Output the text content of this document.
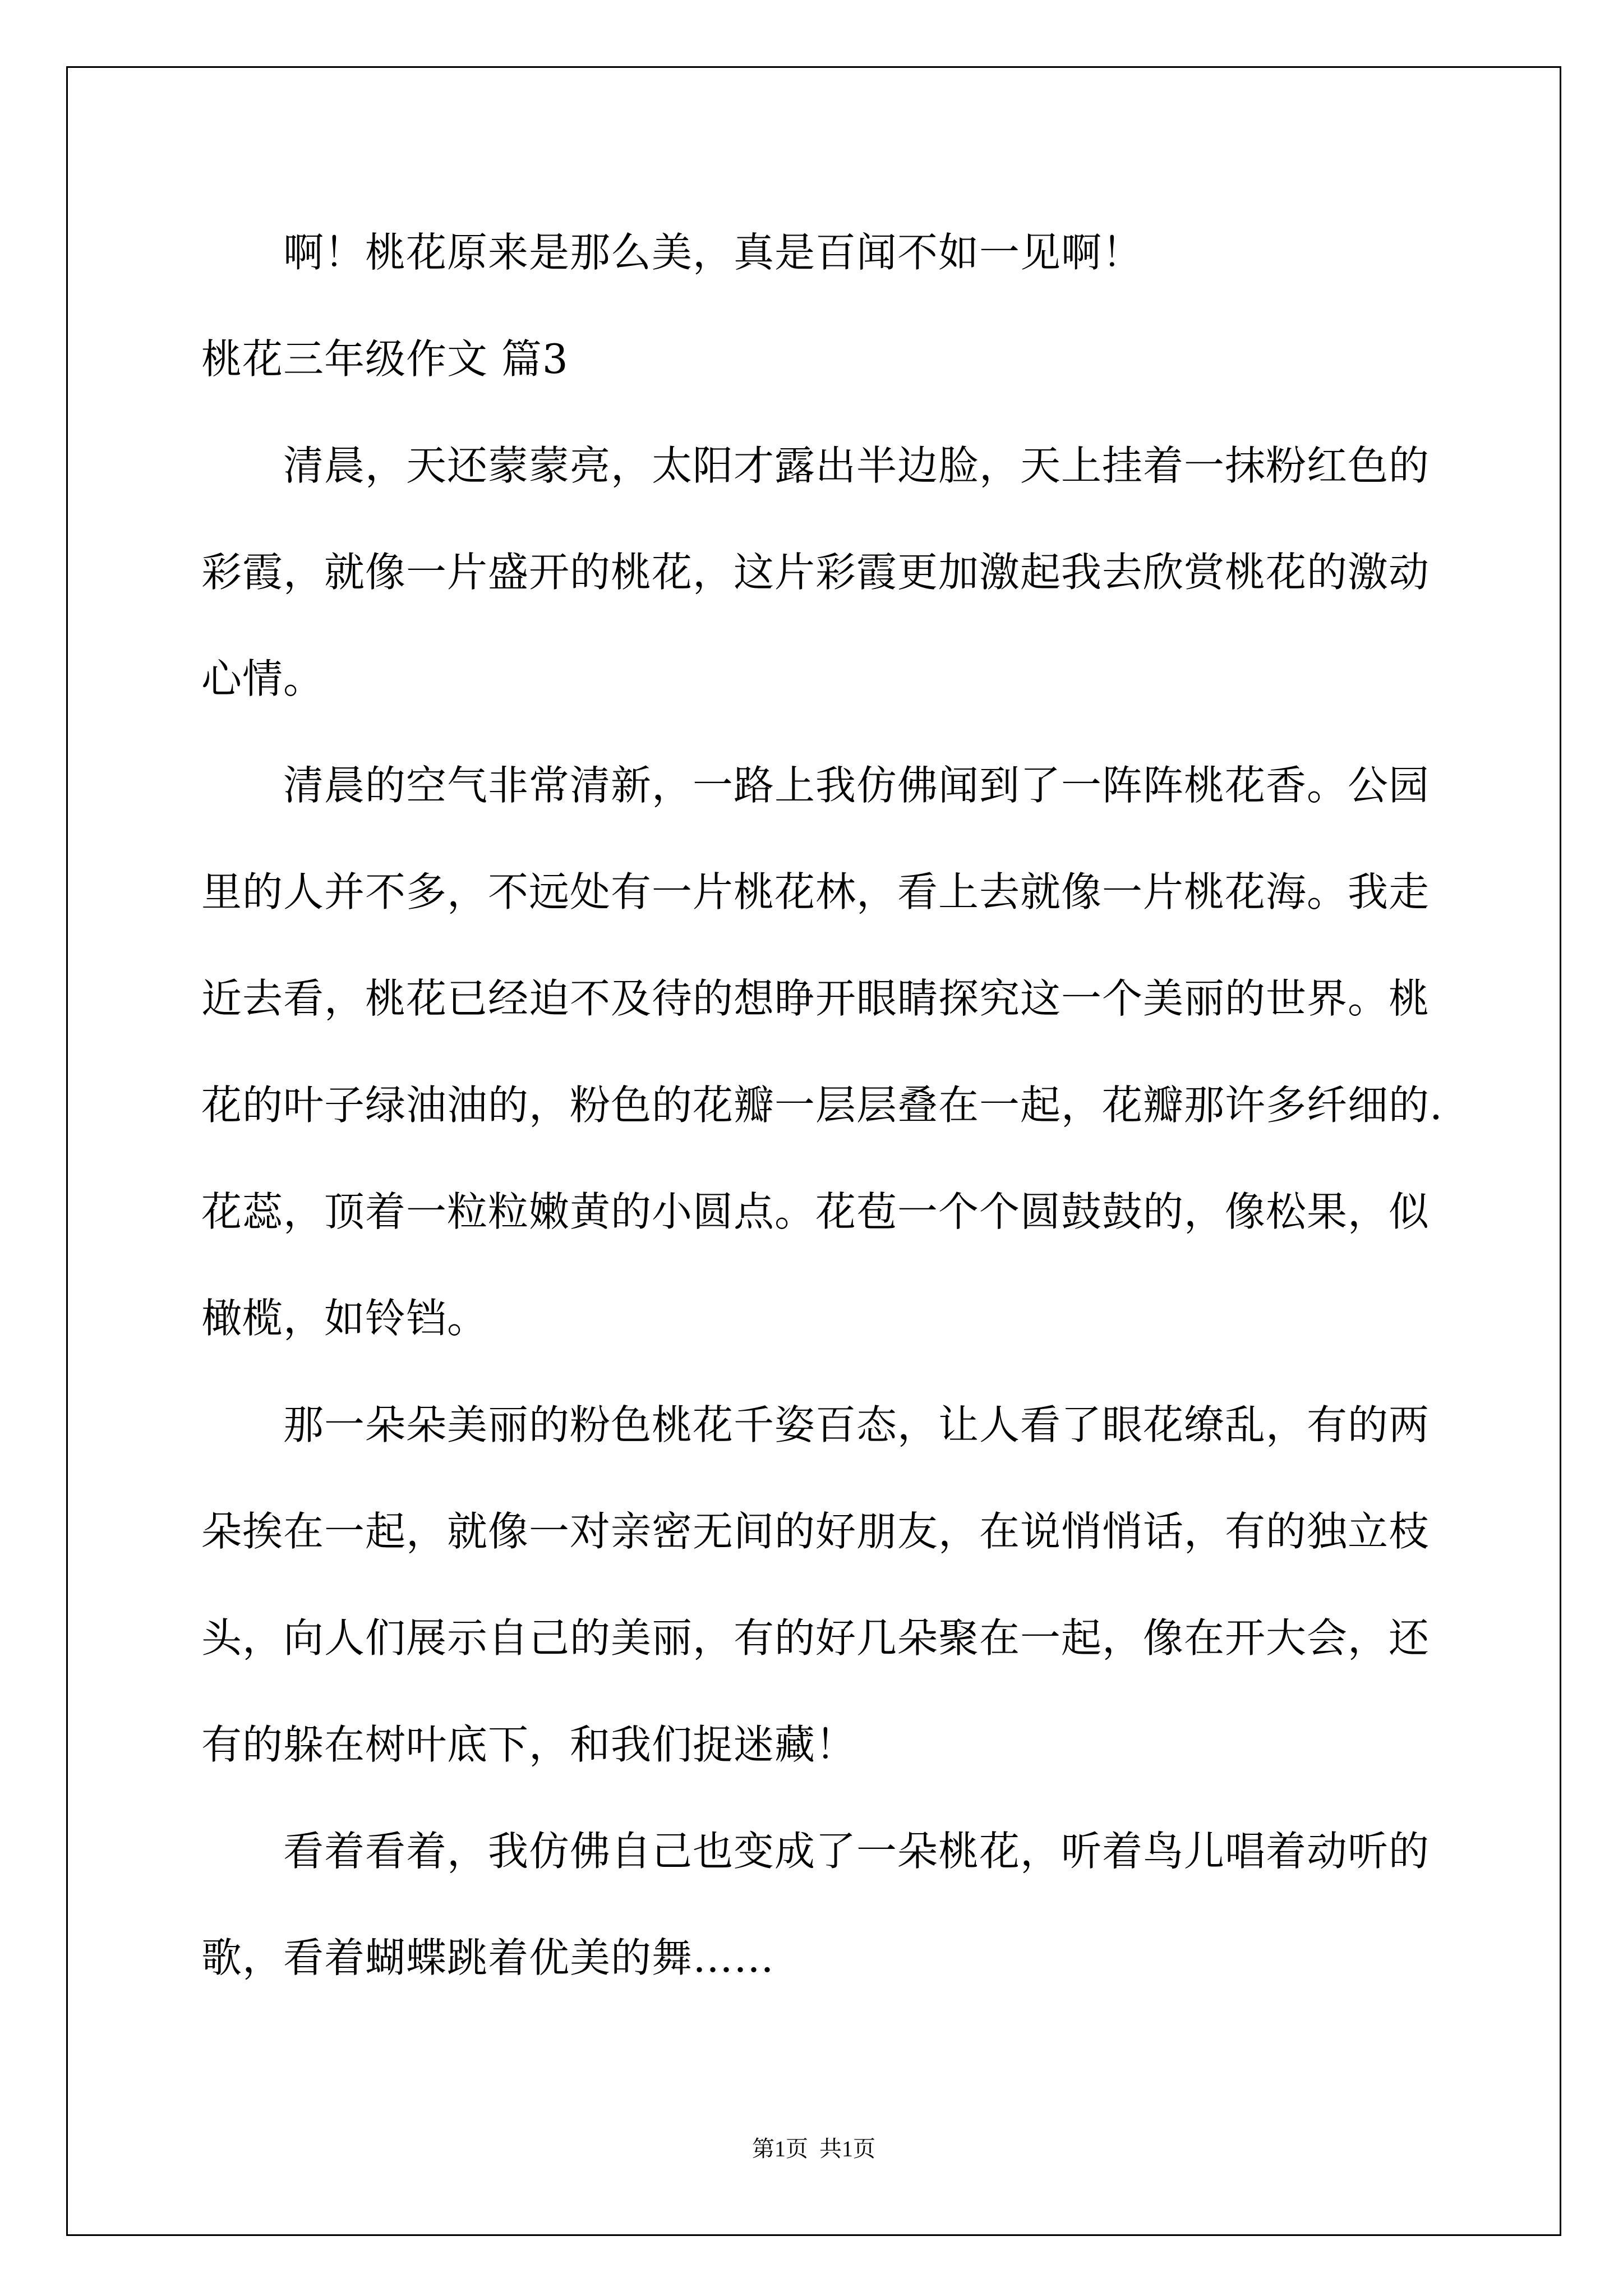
啊！桃花原来是那么美，真是百闻不如一见啊！
桃花三年级作文 篇3
清晨，天还蒙蒙亮，太阳才露出半边脸，天上挂着一抹粉红色的
彩霞，就像一片盛开的桃花，这片彩霞更加激起我去欣赏桃花的激动
心情。
清晨的空气非常清新，一路上我仿佛闻到了一阵阵桃花香。公园
里的人并不多，不远处有一片桃花林，看上去就像一片桃花海。我走
近去看，桃花已经迫不及待的想睁开眼睛探究这一个美丽的世界。桃
花的叶子绿油油的，粉色的花瓣一层层叠在一起，花瓣那许多纤细的.
花蕊，顶着一粒粒嫩黄的小圆点。花苞一个个圆鼓鼓的，像松果，似
橄榄，如铃铛。
那一朵朵美丽的粉色桃花千姿百态，让人看了眼花缭乱，有的两
朵挨在一起，就像一对亲密无间的好朋友，在说悄悄话，有的独立枝
头，向人们展示自己的美丽，有的好几朵聚在一起，像在开大会，还
有的躲在树叶底下，和我们捉迷藏！
看着看着，我仿佛自己也变成了一朵桃花，听着鸟儿唱着动听的
歌，看着蝴蝶跳着优美的舞……
第1页  共1页
